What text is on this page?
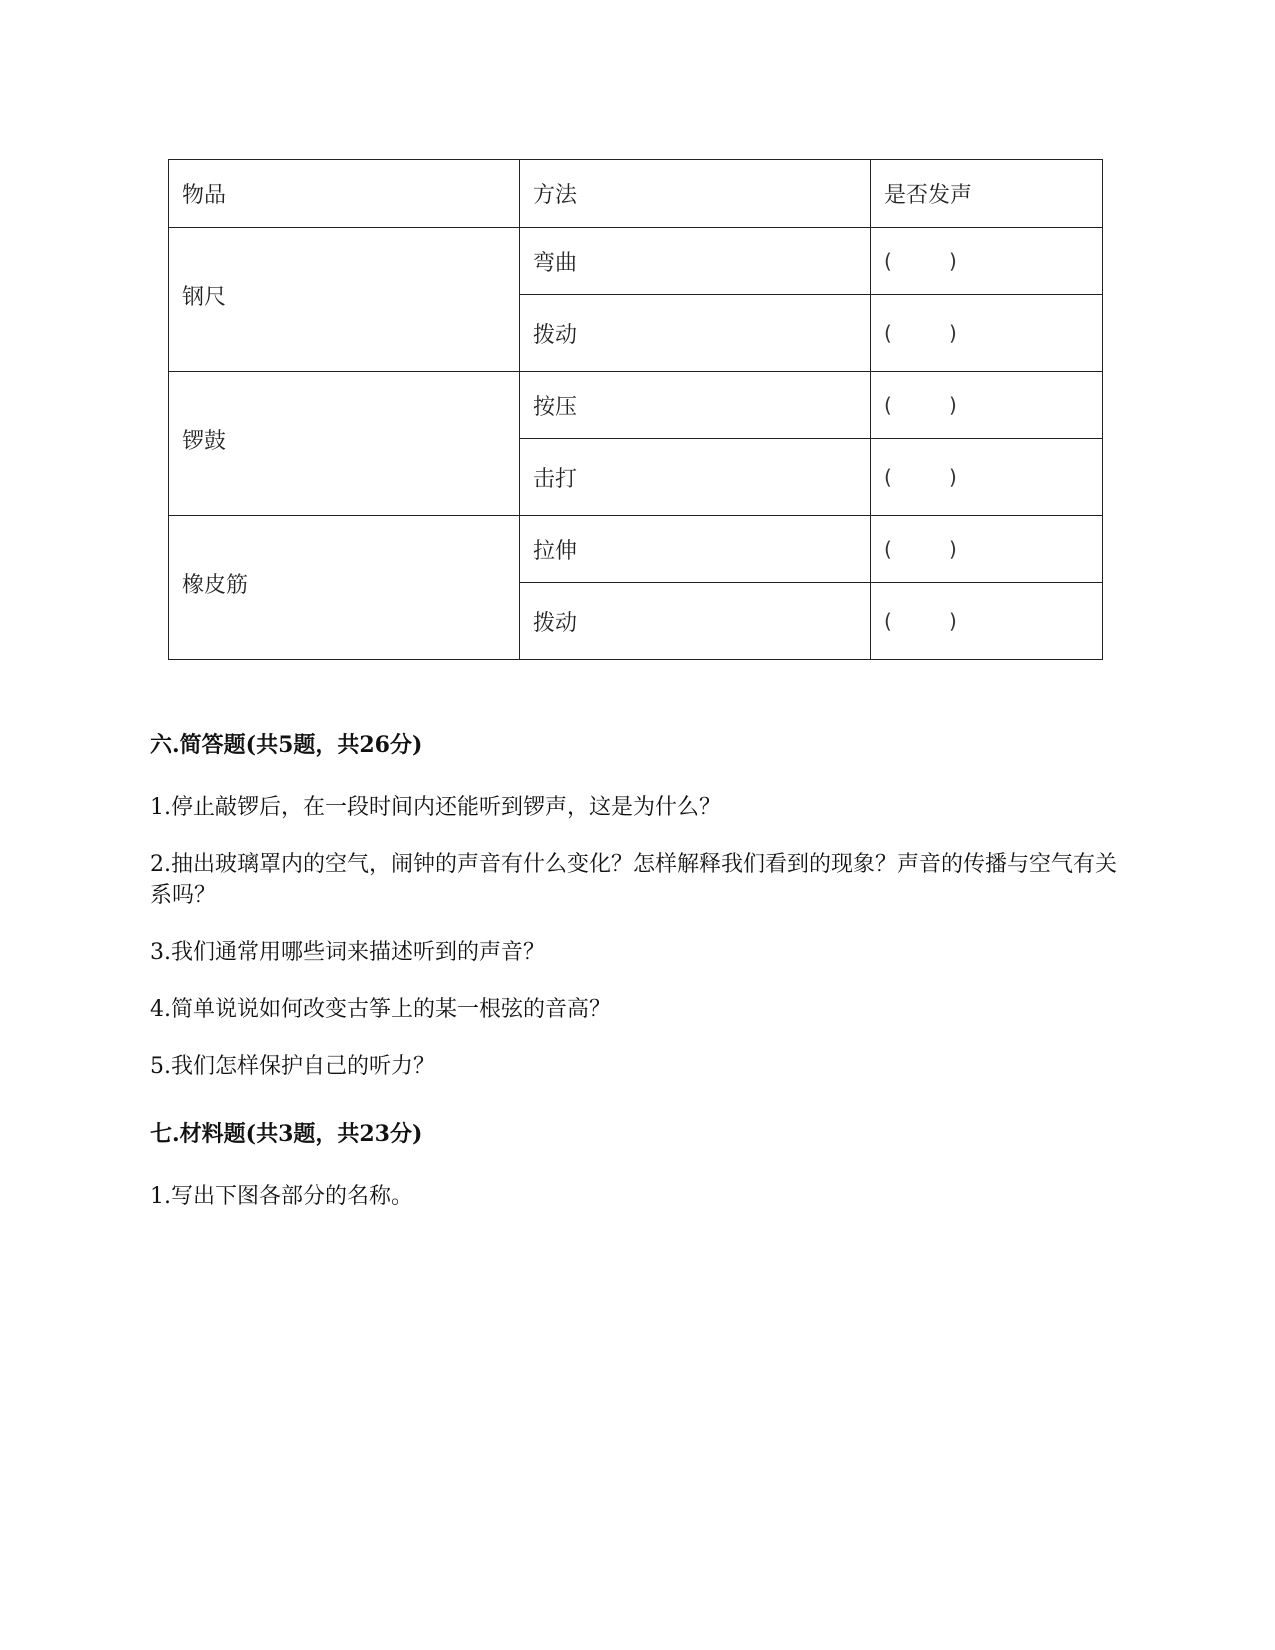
物品	方法	是否发声
钢尺	弯曲	(         )
	拨动	(         )
锣鼓	按压	(         )
	击打	(         )
橡皮筋	拉伸	(         )
	拨动	(         )
六.简答题(共5题，共26分)

1.停止敲锣后，在一段时间内还能听到锣声，这是为什么？

2.抽出玻璃罩内的空气，闹钟的声音有什么变化？怎样解释我们看到的现象？声音的传播与空气有关系吗？

3.我们通常用哪些词来描述听到的声音？

4.简单说说如何改变古筝上的某一根弦的音高？

5.我们怎样保护自己的听力？

七.材料题(共3题，共23分)

1.写出下图各部分的名称。
